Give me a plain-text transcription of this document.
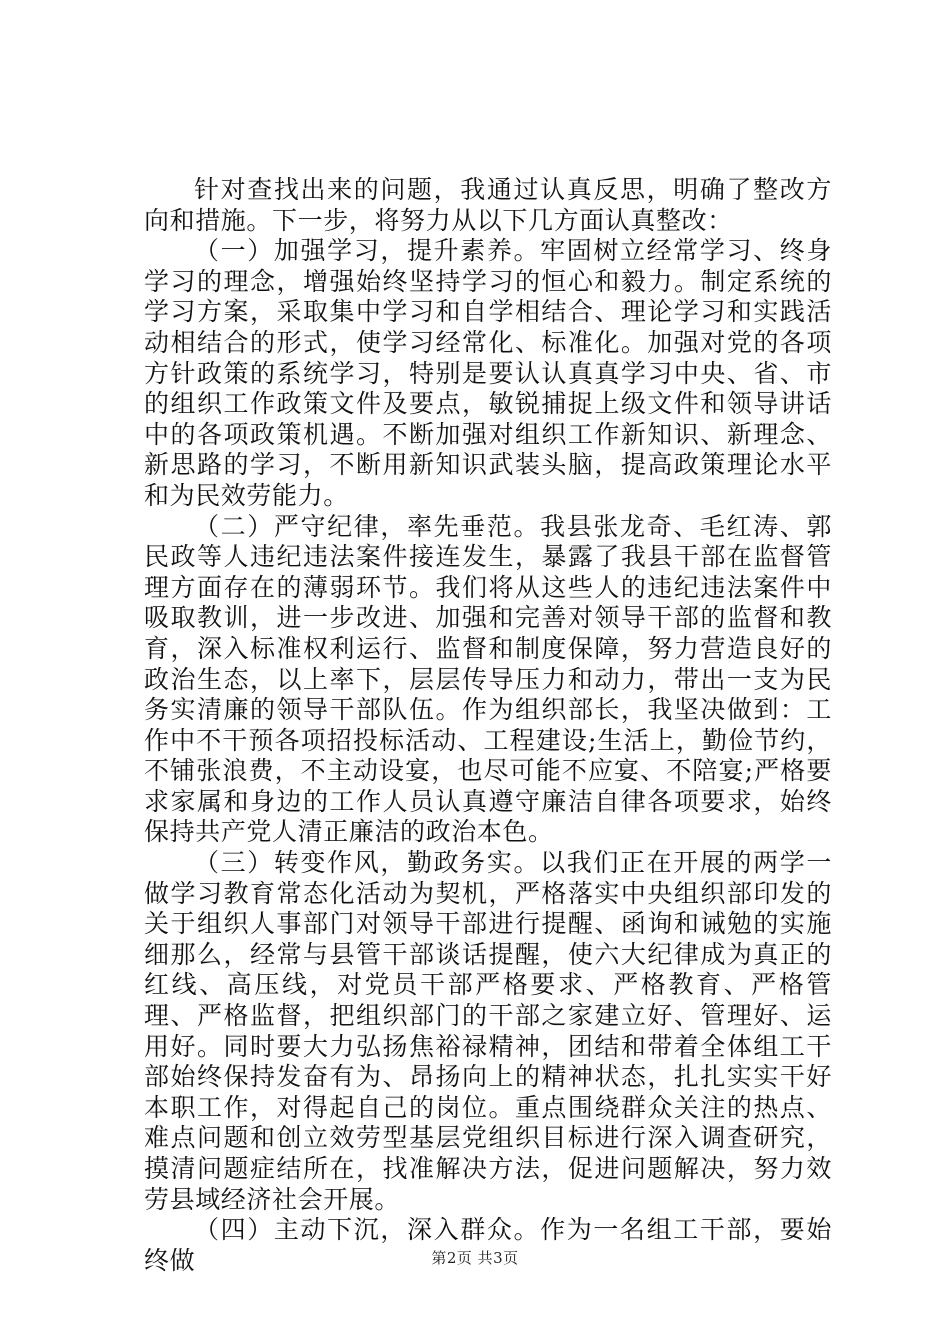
针对查找出来的问题，我通过认真反思，明确了整改方向和措施。下一步，将努力从以下几方面认真整改：

（一）加强学习，提升素养。牢固树立经常学习、终身学习的理念，增强始终坚持学习的恒心和毅力。制定系统的学习方案，采取集中学习和自学相结合、理论学习和实践活动相结合的形式，使学习经常化、标准化。加强对党的各项方针政策的系统学习，特别是要认认真真学习中央、省、市的组织工作政策文件及要点，敏锐捕捉上级文件和领导讲话中的各项政策机遇。不断加强对组织工作新知识、新理念、新思路的学习，不断用新知识武装头脑，提高政策理论水平和为民效劳能力。

（二）严守纪律，率先垂范。我县张龙奇、毛红涛、郭民政等人违纪违法案件接连发生，暴露了我县干部在监督管理方面存在的薄弱环节。我们将从这些人的违纪违法案件中吸取教训，进一步改进、加强和完善对领导干部的监督和教育，深入标准权利运行、监督和制度保障，努力营造良好的政治生态，以上率下，层层传导压力和动力，带出一支为民务实清廉的领导干部队伍。作为组织部长，我坚决做到：工作中不干预各项招投标活动、工程建设;生活上，勤俭节约，不铺张浪费，不主动设宴，也尽可能不应宴、不陪宴;严格要求家属和身边的工作人员认真遵守廉洁自律各项要求，始终保持共产党人清正廉洁的政治本色。

（三）转变作风，勤政务实。以我们正在开展的两学一做学习教育常态化活动为契机，严格落实中央组织部印发的关于组织人事部门对领导干部进行提醒、函询和诫勉的实施细那么，经常与县管干部谈话提醒，使六大纪律成为真正的红线、高压线，对党员干部严格要求、严格教育、严格管理、严格监督，把组织部门的干部之家建立好、管理好、运用好。同时要大力弘扬焦裕禄精神，团结和带着全体组工干部始终保持发奋有为、昂扬向上的精神状态，扎扎实实干好本职工作，对得起自己的岗位。重点围绕群众关注的热点、难点问题和创立效劳型基层党组织目标进行深入调查研究，摸清问题症结所在，找准解决方法，促进问题解决，努力效劳县域经济社会开展。

（四）主动下沉，深入群众。作为一名组工干部，要始终做	第2页 共3页
